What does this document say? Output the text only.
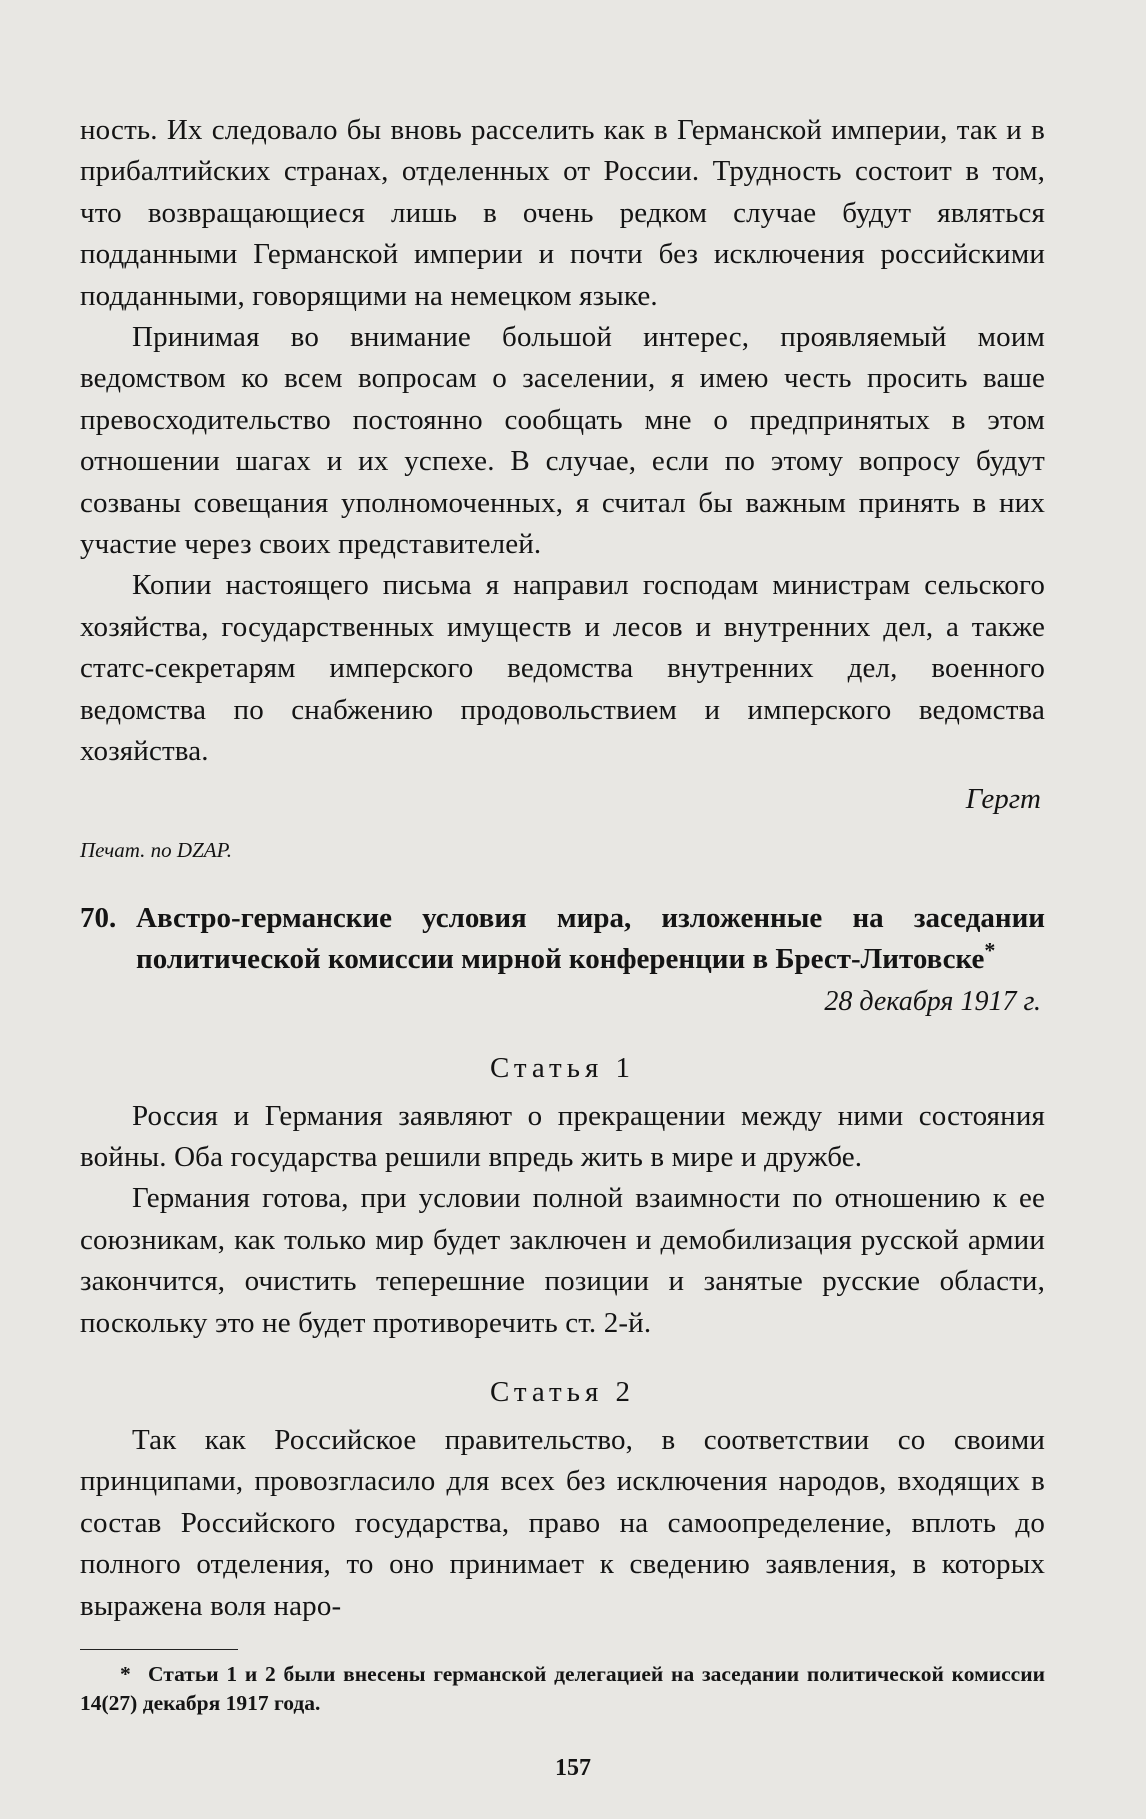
ность. Их следовало бы вновь расселить как в Германской империи, так и в прибалтийских странах, отделенных от России. Трудность состоит в том, что возвращающиеся лишь в очень редком случае будут являться подданными Германской империи и почти без исключения российскими подданными, говорящими на немецком языке.

Принимая во внимание большой интерес, проявляемый моим ведомством ко всем вопросам о заселении, я имею честь просить ваше превосходительство постоянно сообщать мне о предпринятых в этом отношении шагах и их успехе. В случае, если по этому вопросу будут созваны совещания уполномоченных, я считал бы важным принять в них участие через своих представителей.

Копии настоящего письма я направил господам министрам сельского хозяйства, государственных имуществ и лесов и внутренних дел, а также статс-секретарям имперского ведомства внутренних дел, военного ведомства по снабжению продовольствием и имперского ведомства хозяйства.

Гергт
Печат. по DZAP.
70. Австро-германские условия мира, изложенные на заседании политической комиссии мирной конференции в Брест-Литовске*
28 декабря 1917 г.
Статья 1

Россия и Германия заявляют о прекращении между ними состояния войны. Оба государства решили впредь жить в мире и дружбе.

Германия готова, при условии полной взаимности по отношению к ее союзникам, как только мир будет заключен и демобилизация русской армии закончится, очистить теперешние позиции и занятые русские области, поскольку это не будет противоречить ст. 2-й.

Статья 2

Так как Российское правительство, в соответствии со своими принципами, провозгласило для всех без исключения народов, входящих в состав Российского государства, право на самоопределение, вплоть до полного отделения, то оно принимает к сведению заявления, в которых выражена воля наро-

* Статьи 1 и 2 были внесены германской делегацией на заседании политической комиссии 14(27) декабря 1917 года.
157
